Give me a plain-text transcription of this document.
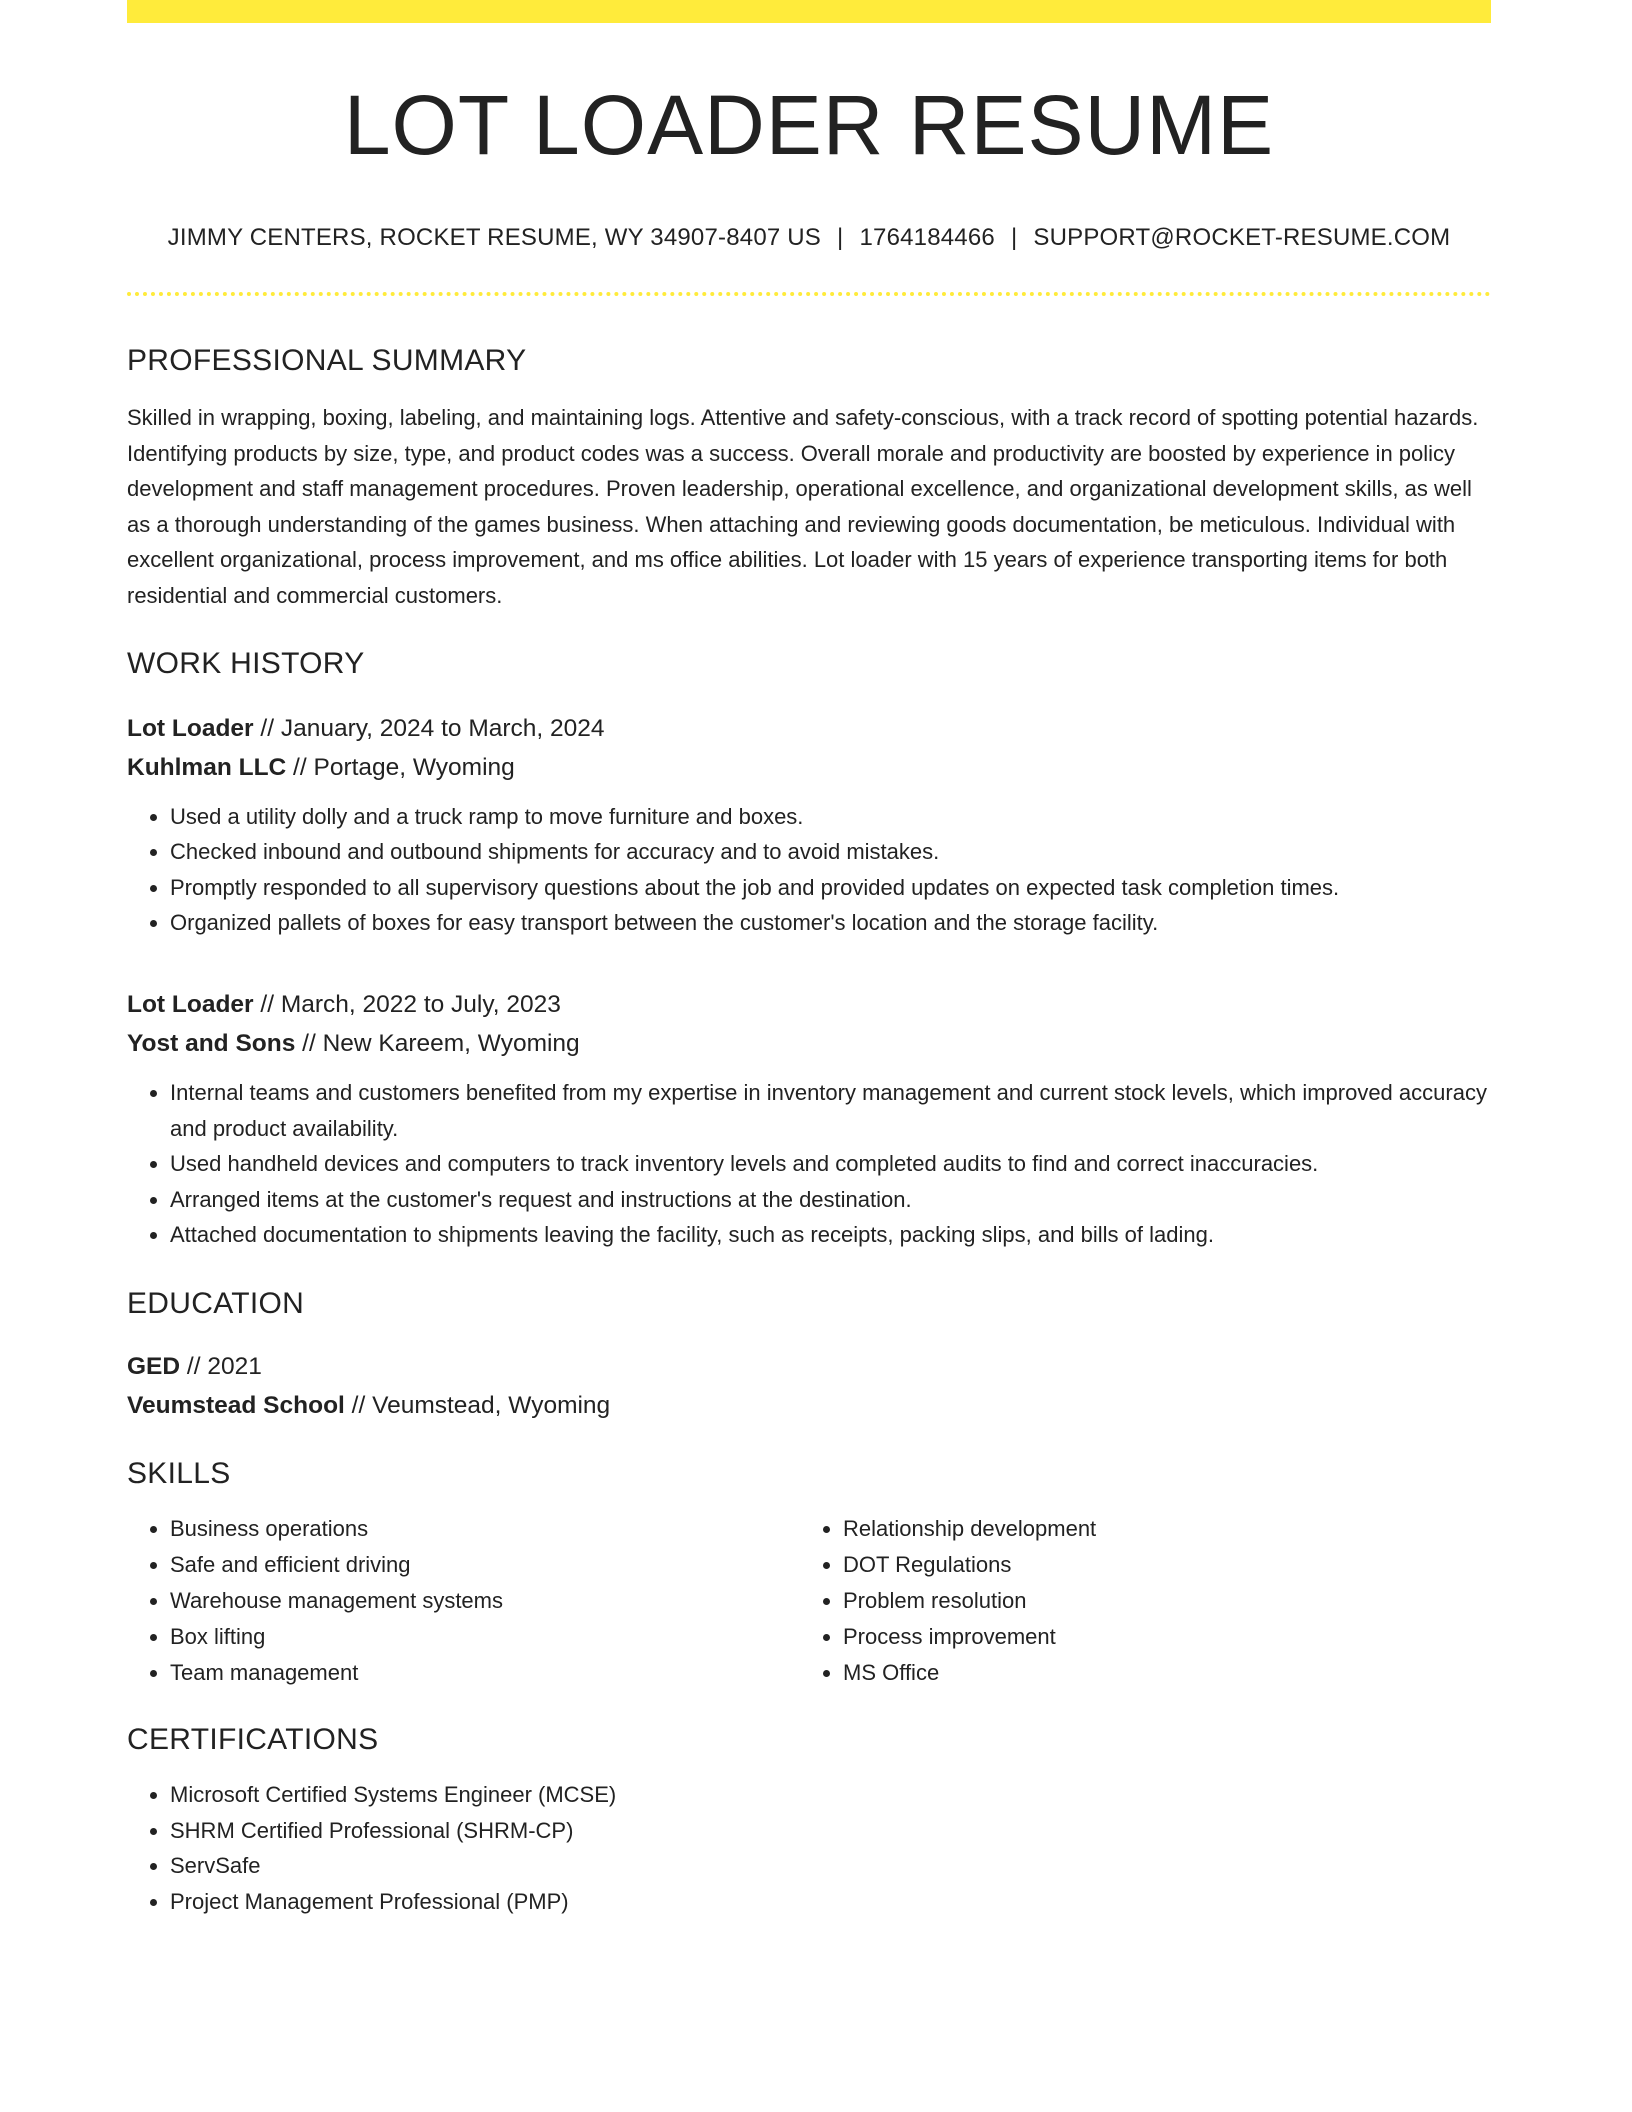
LOT LOADER RESUME
JIMMY CENTERS, ROCKET RESUME, WY 34907-8407 US | 1764184466 | SUPPORT@ROCKET-RESUME.COM
PROFESSIONAL SUMMARY
Skilled in wrapping, boxing, labeling, and maintaining logs. Attentive and safety-conscious, with a track record of spotting potential hazards. Identifying products by size, type, and product codes was a success. Overall morale and productivity are boosted by experience in policy development and staff management procedures. Proven leadership, operational excellence, and organizational development skills, as well as a thorough understanding of the games business. When attaching and reviewing goods documentation, be meticulous. Individual with excellent organizational, process improvement, and ms office abilities. Lot loader with 15 years of experience transporting items for both residential and commercial customers.
WORK HISTORY
Lot Loader // January, 2024 to March, 2024
Kuhlman LLC // Portage, Wyoming
• Used a utility dolly and a truck ramp to move furniture and boxes.
• Checked inbound and outbound shipments for accuracy and to avoid mistakes.
• Promptly responded to all supervisory questions about the job and provided updates on expected task completion times.
• Organized pallets of boxes for easy transport between the customer's location and the storage facility.
Lot Loader // March, 2022 to July, 2023
Yost and Sons // New Kareem, Wyoming
• Internal teams and customers benefited from my expertise in inventory management and current stock levels, which improved accuracy and product availability.
• Used handheld devices and computers to track inventory levels and completed audits to find and correct inaccuracies.
• Arranged items at the customer's request and instructions at the destination.
• Attached documentation to shipments leaving the facility, such as receipts, packing slips, and bills of lading.
EDUCATION
GED // 2021
Veumstead School // Veumstead, Wyoming
SKILLS
• Business operations
• Safe and efficient driving
• Warehouse management systems
• Box lifting
• Team management
• Relationship development
• DOT Regulations
• Problem resolution
• Process improvement
• MS Office
CERTIFICATIONS
• Microsoft Certified Systems Engineer (MCSE)
• SHRM Certified Professional (SHRM-CP)
• ServSafe
• Project Management Professional (PMP)
